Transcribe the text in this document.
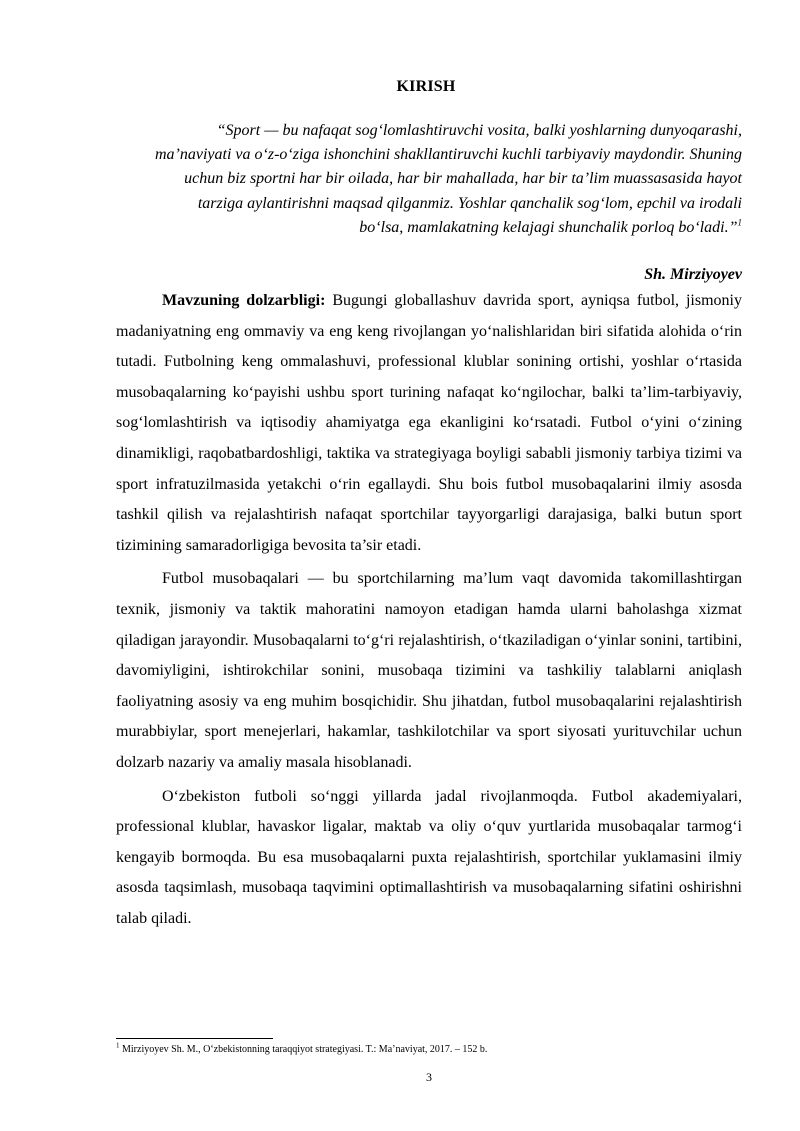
KIRISH
“Sport — bu nafaqat sog‘lomlashtiruvchi vosita, balki yoshlarning dunyoqarashi, ma’naviyati va o‘z-o‘ziga ishonchini shakllantiruvchi kuchli tarbiyaviy maydondir. Shuning uchun biz sportni har bir oilada, har bir mahallada, har bir ta’lim muassasasida hayot tarziga aylantirishni maqsad qilganmiz. Yoshlar qanchalik sog‘lom, epchil va irodali bo‘lsa, mamlakatning kelajagi shunchalik porloq bo‘ladi.”$^1$
Sh. Mirziyoyev

Mavzuning dolzarbligi: Bugungi globallashuv davrida sport, ayniqsa futbol, jismoniy madaniyatning eng ommaviy va eng keng rivojlangan yo‘nalishlaridan biri sifatida alohida o‘rin tutadi. Futbolning keng ommalashuvi, professional klublar sonining ortishi, yoshlar o‘rtasida musobaqalarning ko‘payishi ushbu sport turining nafaqat ko‘ngilochar, balki ta’lim-tarbiyaviy, sog‘lomlashtirish va iqtisodiy ahamiyatga ega ekanligini ko‘rsatadi. Futbol o‘yini o‘zining dinamikligi, raqobatbardoshligi, taktika va strategiyaga boyligi sababli jismoniy tarbiya tizimi va sport infratuzilmasida yetakchi o‘rin egallaydi. Shu bois futbol musobaqalarini ilmiy asosda tashkil qilish va rejalashtirish nafaqat sportchilar tayyorgarligi darajasiga, balki butun sport tizimining samaradorligiga bevosita ta’sir etadi.

Futbol musobaqalari — bu sportchilarning ma’lum vaqt davomida takomillashtirgan texnik, jismoniy va taktik mahoratini namoyon etadigan hamda ularni baholashga xizmat qiladigan jarayondir. Musobaqalarni to‘g‘ri rejalashtirish, o‘tkaziladigan o‘yinlar sonini, tartibini, davomiyligini, ishtirokchilar sonini, musobaqa tizimini va tashkiliy talablarni aniqlash faoliyatning asosiy va eng muhim bosqichidir. Shu jihatdan, futbol musobaqalarini rejalashtirish murabbiylar, sport menejerlari, hakamlar, tashkilotchilar va sport siyosati yurituvchilar uchun dolzarb nazariy va amaliy masala hisoblanadi.

O‘zbekiston futboli so‘nggi yillarda jadal rivojlanmoqda. Futbol akademiyalari, professional klublar, havaskor ligalar, maktab va oliy o‘quv yurtlarida musobaqalar tarmog‘i kengayib bormoqda. Bu esa musobaqalarni puxta rejalashtirish, sportchilar yuklamasini ilmiy asosda taqsimlash, musobaqa taqvimini optimallashtirish va musobaqalarning sifatini oshirishni talab qiladi.

$^1$ Mirziyoyev Sh. M., O‘zbekistonning taraqqiyot strategiyasi. T.: Ma’naviyat, 2017. – 152 b.
3
